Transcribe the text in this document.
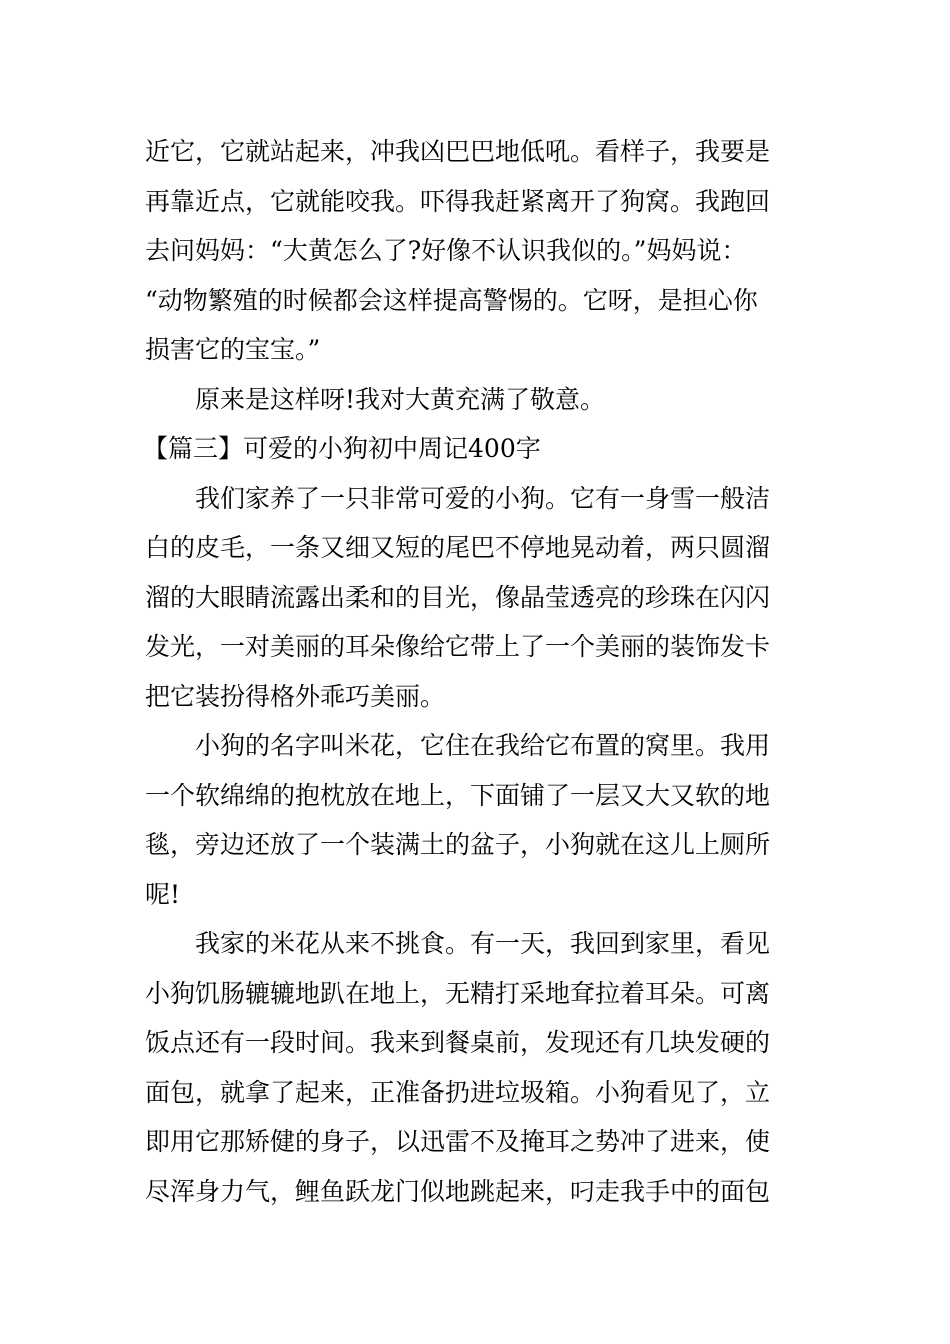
近它，它就站起来，冲我凶巴巴地低吼。看样子，我要是
再靠近点，它就能咬我。吓得我赶紧离开了狗窝。我跑回
去问妈妈：“大黄怎么了?好像不认识我似的。”妈妈说：
“动物繁殖的时候都会这样提高警惕的。它呀，是担心你
损害它的宝宝。”
原来是这样呀!我对大黄充满了敬意。
【篇三】可爱的小狗初中周记400字
我们家养了一只非常可爱的小狗。它有一身雪一般洁
白的皮毛，一条又细又短的尾巴不停地晃动着，两只圆溜
溜的大眼睛流露出柔和的目光，像晶莹透亮的珍珠在闪闪
发光，一对美丽的耳朵像给它带上了一个美丽的装饰发卡
把它装扮得格外乖巧美丽。
小狗的名字叫米花，它住在我给它布置的窝里。我用
一个软绵绵的抱枕放在地上，下面铺了一层又大又软的地
毯，旁边还放了一个装满土的盆子，小狗就在这儿上厕所
呢!
我家的米花从来不挑食。有一天，我回到家里，看见
小狗饥肠辘辘地趴在地上，无精打采地耷拉着耳朵。可离
饭点还有一段时间。我来到餐桌前，发现还有几块发硬的
面包，就拿了起来，正准备扔进垃圾箱。小狗看见了，立
即用它那矫健的身子，以迅雷不及掩耳之势冲了进来，使
尽浑身力气，鲤鱼跃龙门似地跳起来，叼走我手中的面包
